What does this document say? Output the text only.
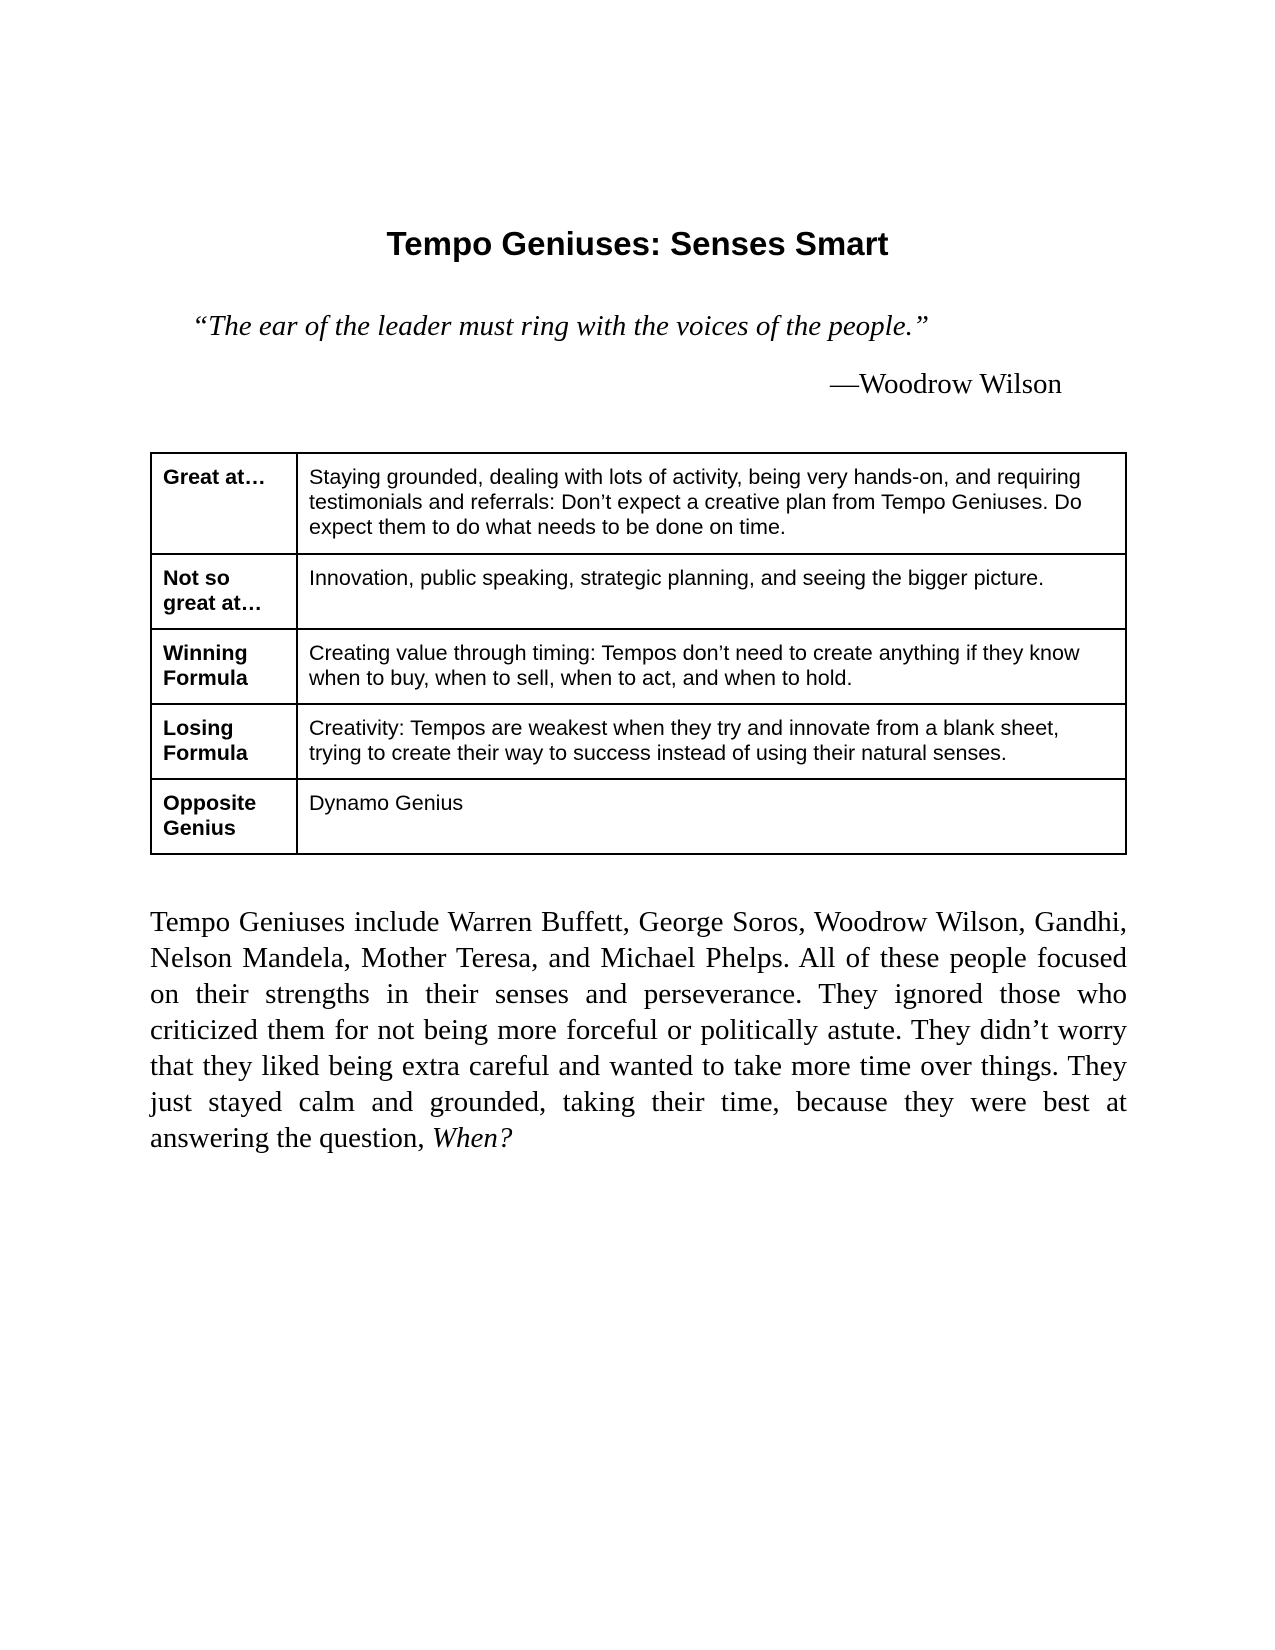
Tempo Geniuses: Senses Smart

“The ear of the leader must ring with the voices of the people.”

—Woodrow Wilson

Great at…	Staying grounded, dealing with lots of activity, being very hands-on, and requiring testimonials and referrals: Don’t expect a creative plan from Tempo Geniuses. Do expect them to do what needs to be done on time.
Not so great at…	Innovation, public speaking, strategic planning, and seeing the bigger picture.
Winning Formula	Creating value through timing: Tempos don’t need to create anything if they know when to buy, when to sell, when to act, and when to hold.
Losing Formula	Creativity: Tempos are weakest when they try and innovate from a blank sheet, trying to create their way to success instead of using their natural senses.
Opposite Genius	Dynamo Genius

Tempo Geniuses include Warren Buffett, George Soros, Woodrow Wilson, Gandhi, Nelson Mandela, Mother Teresa, and Michael Phelps. All of these people focused on their strengths in their senses and perseverance. They ignored those who criticized them for not being more forceful or politically astute. They didn’t worry that they liked being extra careful and wanted to take more time over things. They just stayed calm and grounded, taking their time, because they were best at answering the question, When?
